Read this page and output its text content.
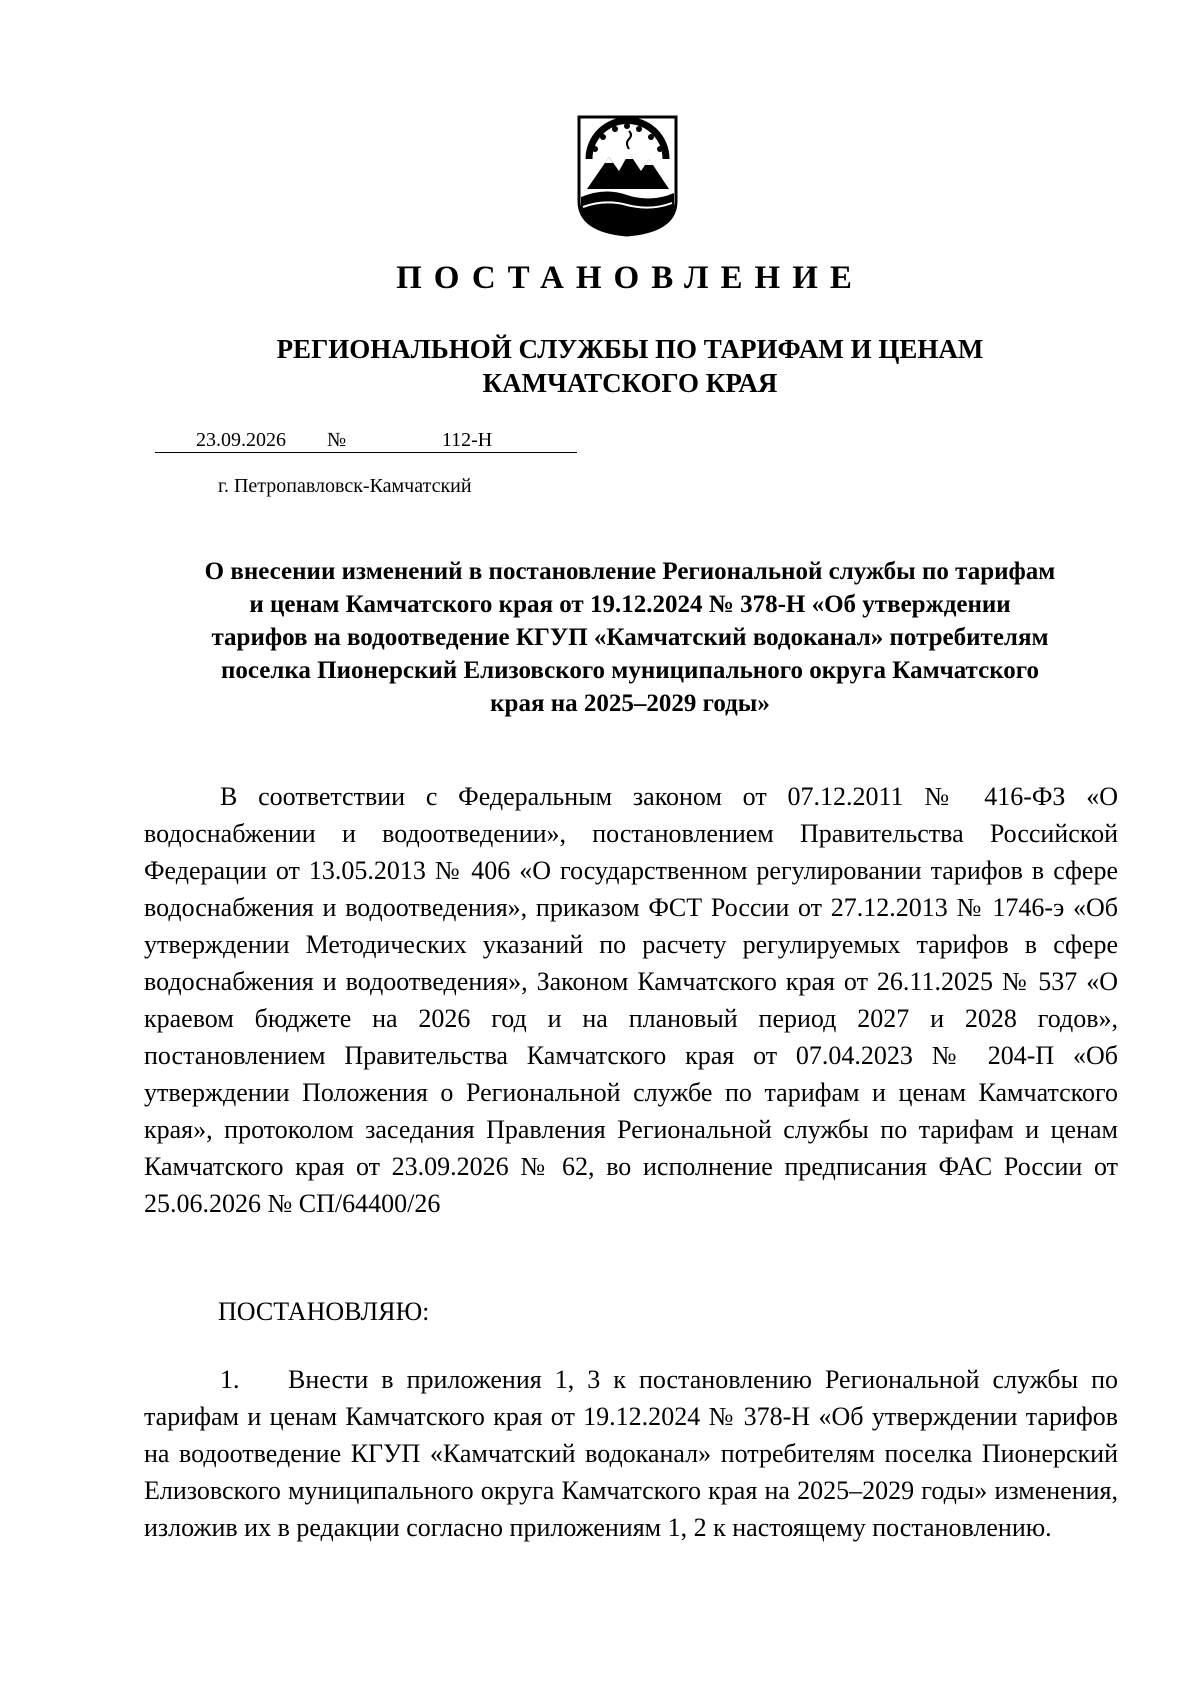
ПОСТАНОВЛЕНИЕ
РЕГИОНАЛЬНОЙ СЛУЖБЫ ПО ТАРИФАМ И ЦЕНАМ
КАМЧАТСКОГО КРАЯ
23.09.2026	№	112-Н
г. Петропавловск-Камчатский
О внесении изменений в постановление Региональной службы по тарифам
и ценам Камчатского края от 19.12.2024 № 378-Н «Об утверждении
тарифов на водоотведение КГУП «Камчатский водоканал» потребителям
поселка Пионерский Елизовского муниципального округа Камчатского
края на 2025–2029 годы»
В соответствии с Федеральным законом от 07.12.2011 № 416-ФЗ «О водоснабжении и водоотведении», постановлением Правительства Российской Федерации от 13.05.2013 № 406 «О государственном регулировании тарифов в сфере водоснабжения и водоотведения», приказом ФСТ России от 27.12.2013 № 1746-э «Об утверждении Методических указаний по расчету регулируемых тарифов в сфере водоснабжения и водоотведения», Законом Камчатского края от 26.11.2025 № 537 «О краевом бюджете на 2026 год и на плановый период 2027 и 2028 годов», постановлением Правительства Камчатского края от 07.04.2023 № 204-П «Об утверждении Положения о Региональной службе по тарифам и ценам Камчатского края», протоколом заседания Правления Региональной службы по тарифам и ценам Камчатского края от 23.09.2026 № 62, во исполнение предписания ФАС России от 25.06.2026 № СП/64400/26
ПОСТАНОВЛЯЮ:
1. Внести в приложения 1, 3 к постановлению Региональной службы по тарифам и ценам Камчатского края от 19.12.2024 № 378-Н «Об утверждении тарифов на водоотведение КГУП «Камчатский водоканал» потребителям поселка Пионерский Елизовского муниципального округа Камчатского края на 2025–2029 годы» изменения, изложив их в редакции согласно приложениям 1, 2 к настоящему постановлению.
